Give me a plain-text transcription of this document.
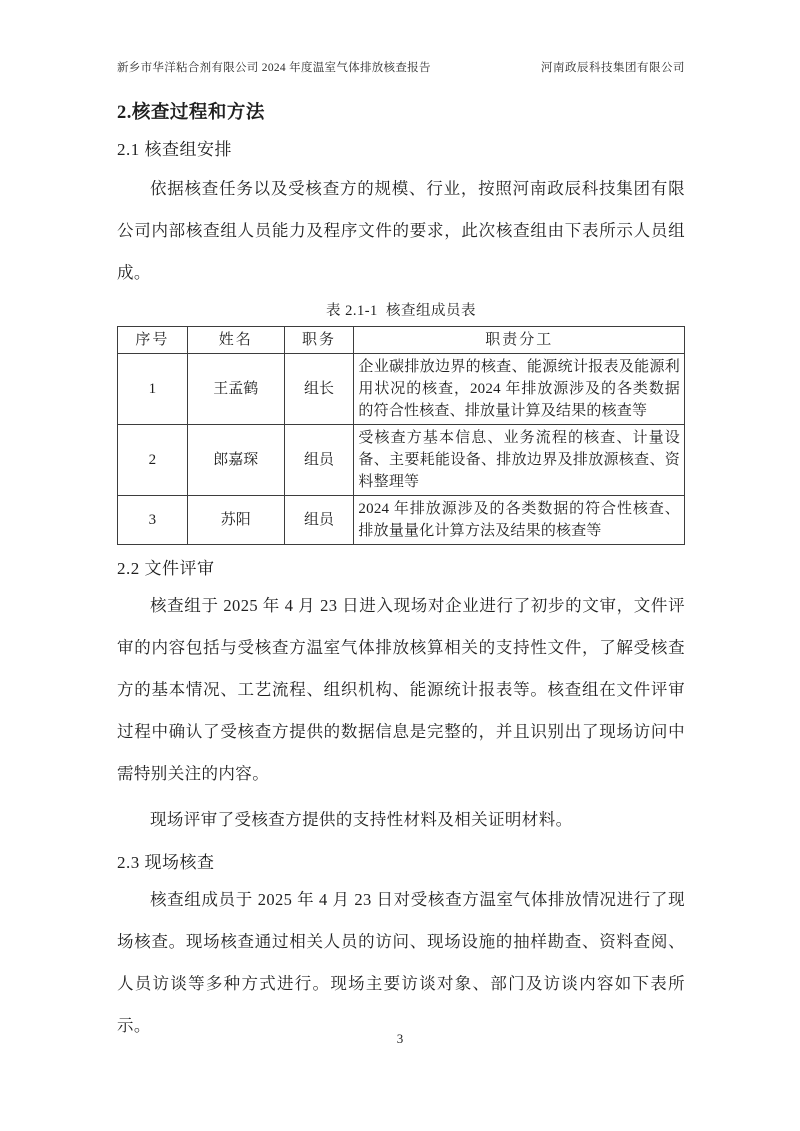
新乡市华洋粘合剂有限公司 2024 年度温室气体排放核查报告	河南政辰科技集团有限公司
2.核查过程和方法
2.1 核查组安排

依据核查任务以及受核查方的规模、行业，按照河南政辰科技集团有限公司内部核查组人员能力及程序文件的要求，此次核查组由下表所示人员组成。

表 2.1-1  核查组成员表
序号	姓名	职务	职责分工
1	王孟鹤	组长	企业碳排放边界的核查、能源统计报表及能源利用状况的核查，2024 年排放源涉及的各类数据的符合性核查、排放量计算及结果的核查等
2	郎嘉琛	组员	受核查方基本信息、业务流程的核查、计量设备、主要耗能设备、排放边界及排放源核查、资料整理等
3	苏阳	组员	2024 年排放源涉及的各类数据的符合性核查、排放量量化计算方法及结果的核查等
2.2 文件评审

核查组于 2025 年 4 月 23 日进入现场对企业进行了初步的文审，文件评审的内容包括与受核查方温室气体排放核算相关的支持性文件，了解受核查方的基本情况、工艺流程、组织机构、能源统计报表等。核查组在文件评审过程中确认了受核查方提供的数据信息是完整的，并且识别出了现场访问中需特别关注的内容。

现场评审了受核查方提供的支持性材料及相关证明材料。

2.3 现场核查

核查组成员于 2025 年 4 月 23 日对受核查方温室气体排放情况进行了现场核查。现场核查通过相关人员的访问、现场设施的抽样勘查、资料查阅、人员访谈等多种方式进行。现场主要访谈对象、部门及访谈内容如下表所示。

3
